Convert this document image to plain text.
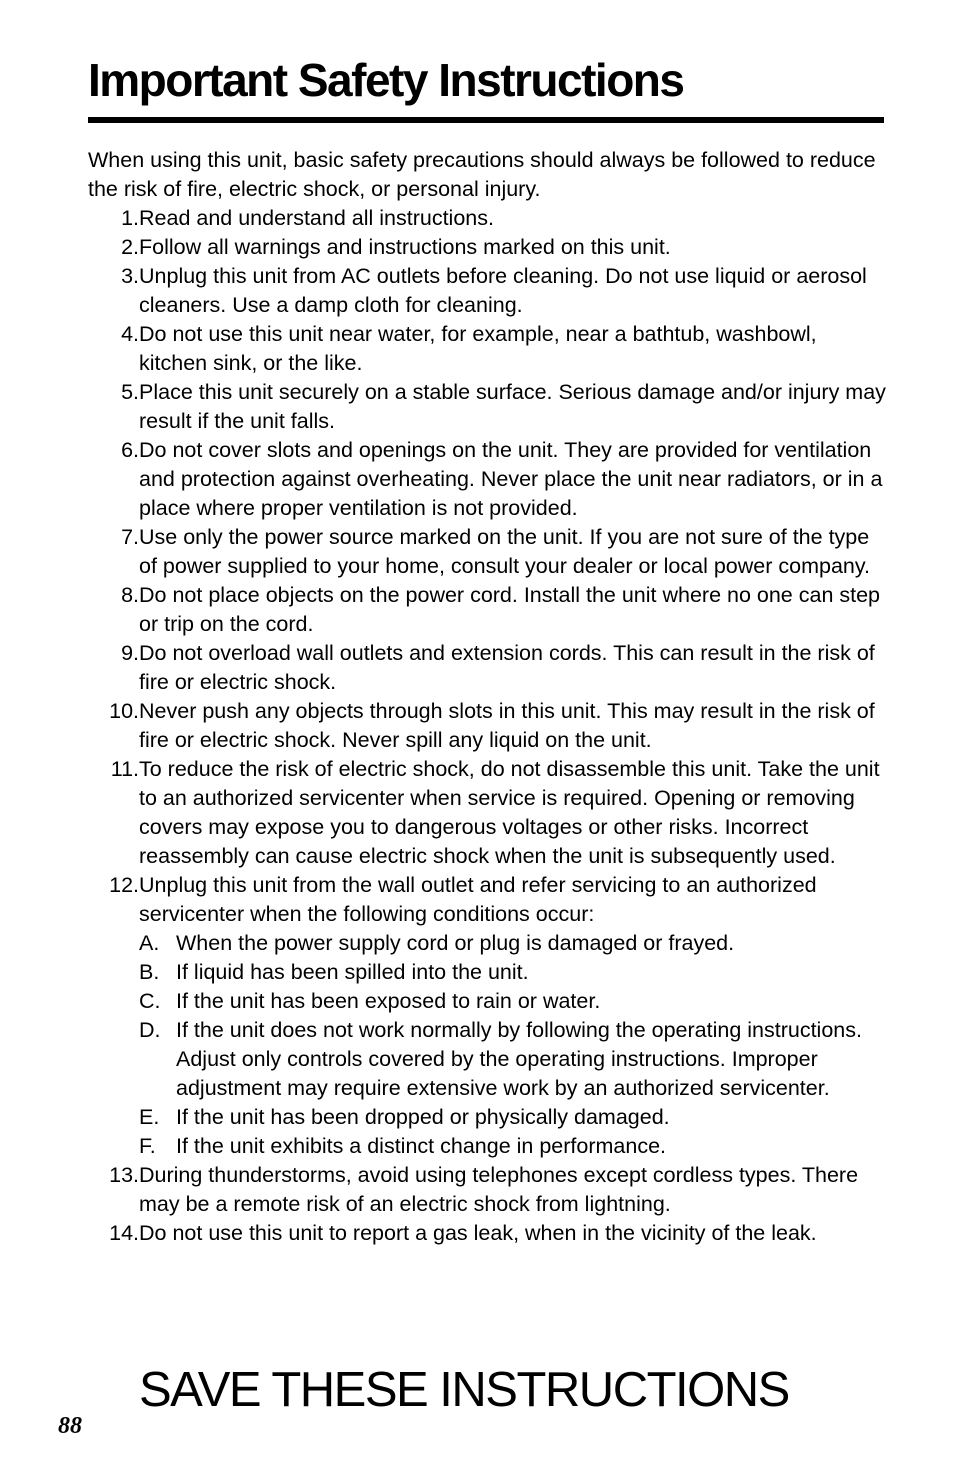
Important Safety Instructions

When using this unit, basic safety precautions should always be followed to reduce the risk of fire, electric shock, or personal injury.

1. Read and understand all instructions.
2. Follow all warnings and instructions marked on this unit.
3. Unplug this unit from AC outlets before cleaning. Do not use liquid or aerosol cleaners. Use a damp cloth for cleaning.
4. Do not use this unit near water, for example, near a bathtub, washbowl, kitchen sink, or the like.
5. Place this unit securely on a stable surface. Serious damage and/or injury may result if the unit falls.
6. Do not cover slots and openings on the unit. They are provided for ventilation and protection against overheating. Never place the unit near radiators, or in a place where proper ventilation is not provided.
7. Use only the power source marked on the unit. If you are not sure of the type of power supplied to your home, consult your dealer or local power company.
8. Do not place objects on the power cord. Install the unit where no one can step or trip on the cord.
9. Do not overload wall outlets and extension cords. This can result in the risk of fire or electric shock.
10. Never push any objects through slots in this unit. This may result in the risk of fire or electric shock. Never spill any liquid on the unit.
11. To reduce the risk of electric shock, do not disassemble this unit. Take the unit to an authorized servicenter when service is required. Opening or removing covers may expose you to dangerous voltages or other risks. Incorrect reassembly can cause electric shock when the unit is subsequently used.
12. Unplug this unit from the wall outlet and refer servicing to an authorized servicenter when the following conditions occur:
A. When the power supply cord or plug is damaged or frayed.
B. If liquid has been spilled into the unit.
C. If the unit has been exposed to rain or water.
D. If the unit does not work normally by following the operating instructions. Adjust only controls covered by the operating instructions. Improper adjustment may require extensive work by an authorized servicenter.
E. If the unit has been dropped or physically damaged.
F. If the unit exhibits a distinct change in performance.
13. During thunderstorms, avoid using telephones except cordless types. There may be a remote risk of an electric shock from lightning.
14. Do not use this unit to report a gas leak, when in the vicinity of the leak.
SAVE THESE INSTRUCTIONS
88
